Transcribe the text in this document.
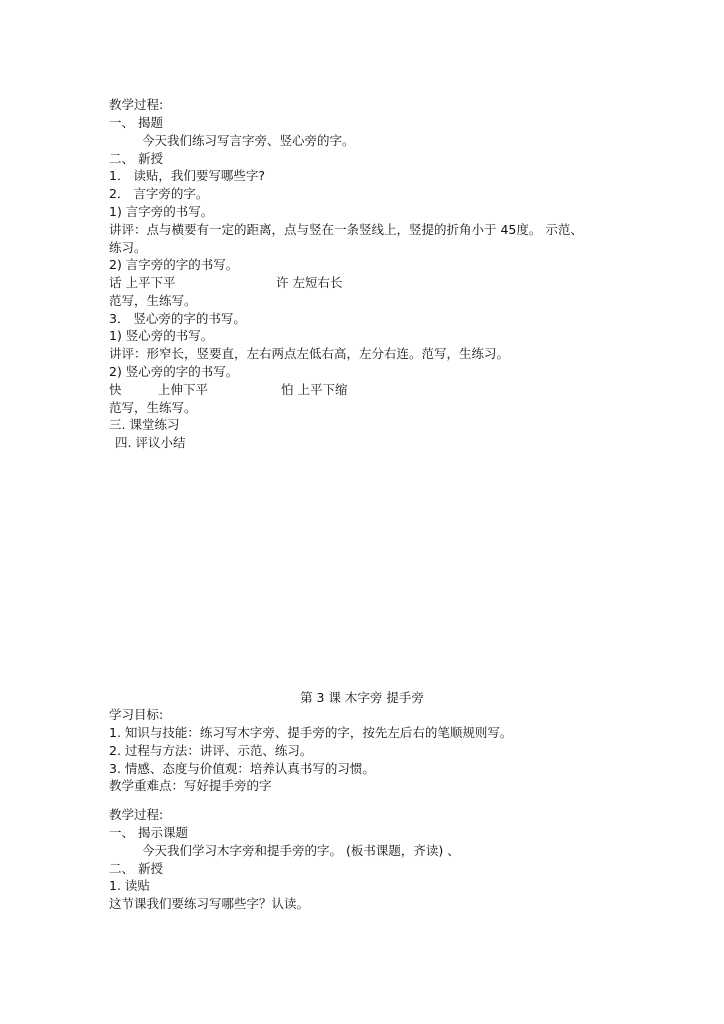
教学过程:
一、 揭题
今天我们练习写言字旁、竖心旁的字。
二、 新授
1． 读贴，我们要写哪些字?
2． 言字旁的字。
1) 言字旁的书写。
讲评：点与横要有一定的距离，点与竖在一条竖线上，竖提的折角小于 45度。 示范、
练习。
2) 言字旁的字的书写。
话 上平下平	许 左短右长
范写，生练写。
3． 竖心旁的字的书写。
1) 竖心旁的书写。
讲评：形窄长，竖要直，左右两点左低右高，左分右连。范写，生练习。
2) 竖心旁的字的书写。
快	上伸下平	怕 上平下缩
范写，生练写。
三. 课堂练习
四. 评议小结
第 3 课 木字旁 提手旁
学习目标:
1. 知识与技能：练习写木字旁、提手旁的字，按先左后右的笔顺规则写。
2. 过程与方法：讲评、示范、练习。
3. 情感、态度与价值观：培养认真书写的习惯。
教学重难点：写好提手旁的字
教学过程:
一、 揭示课题
今天我们学习木字旁和提手旁的字。 (板书课题，齐读) 、
二、 新授
1. 读贴
这节课我们要练习写哪些字？认读。
